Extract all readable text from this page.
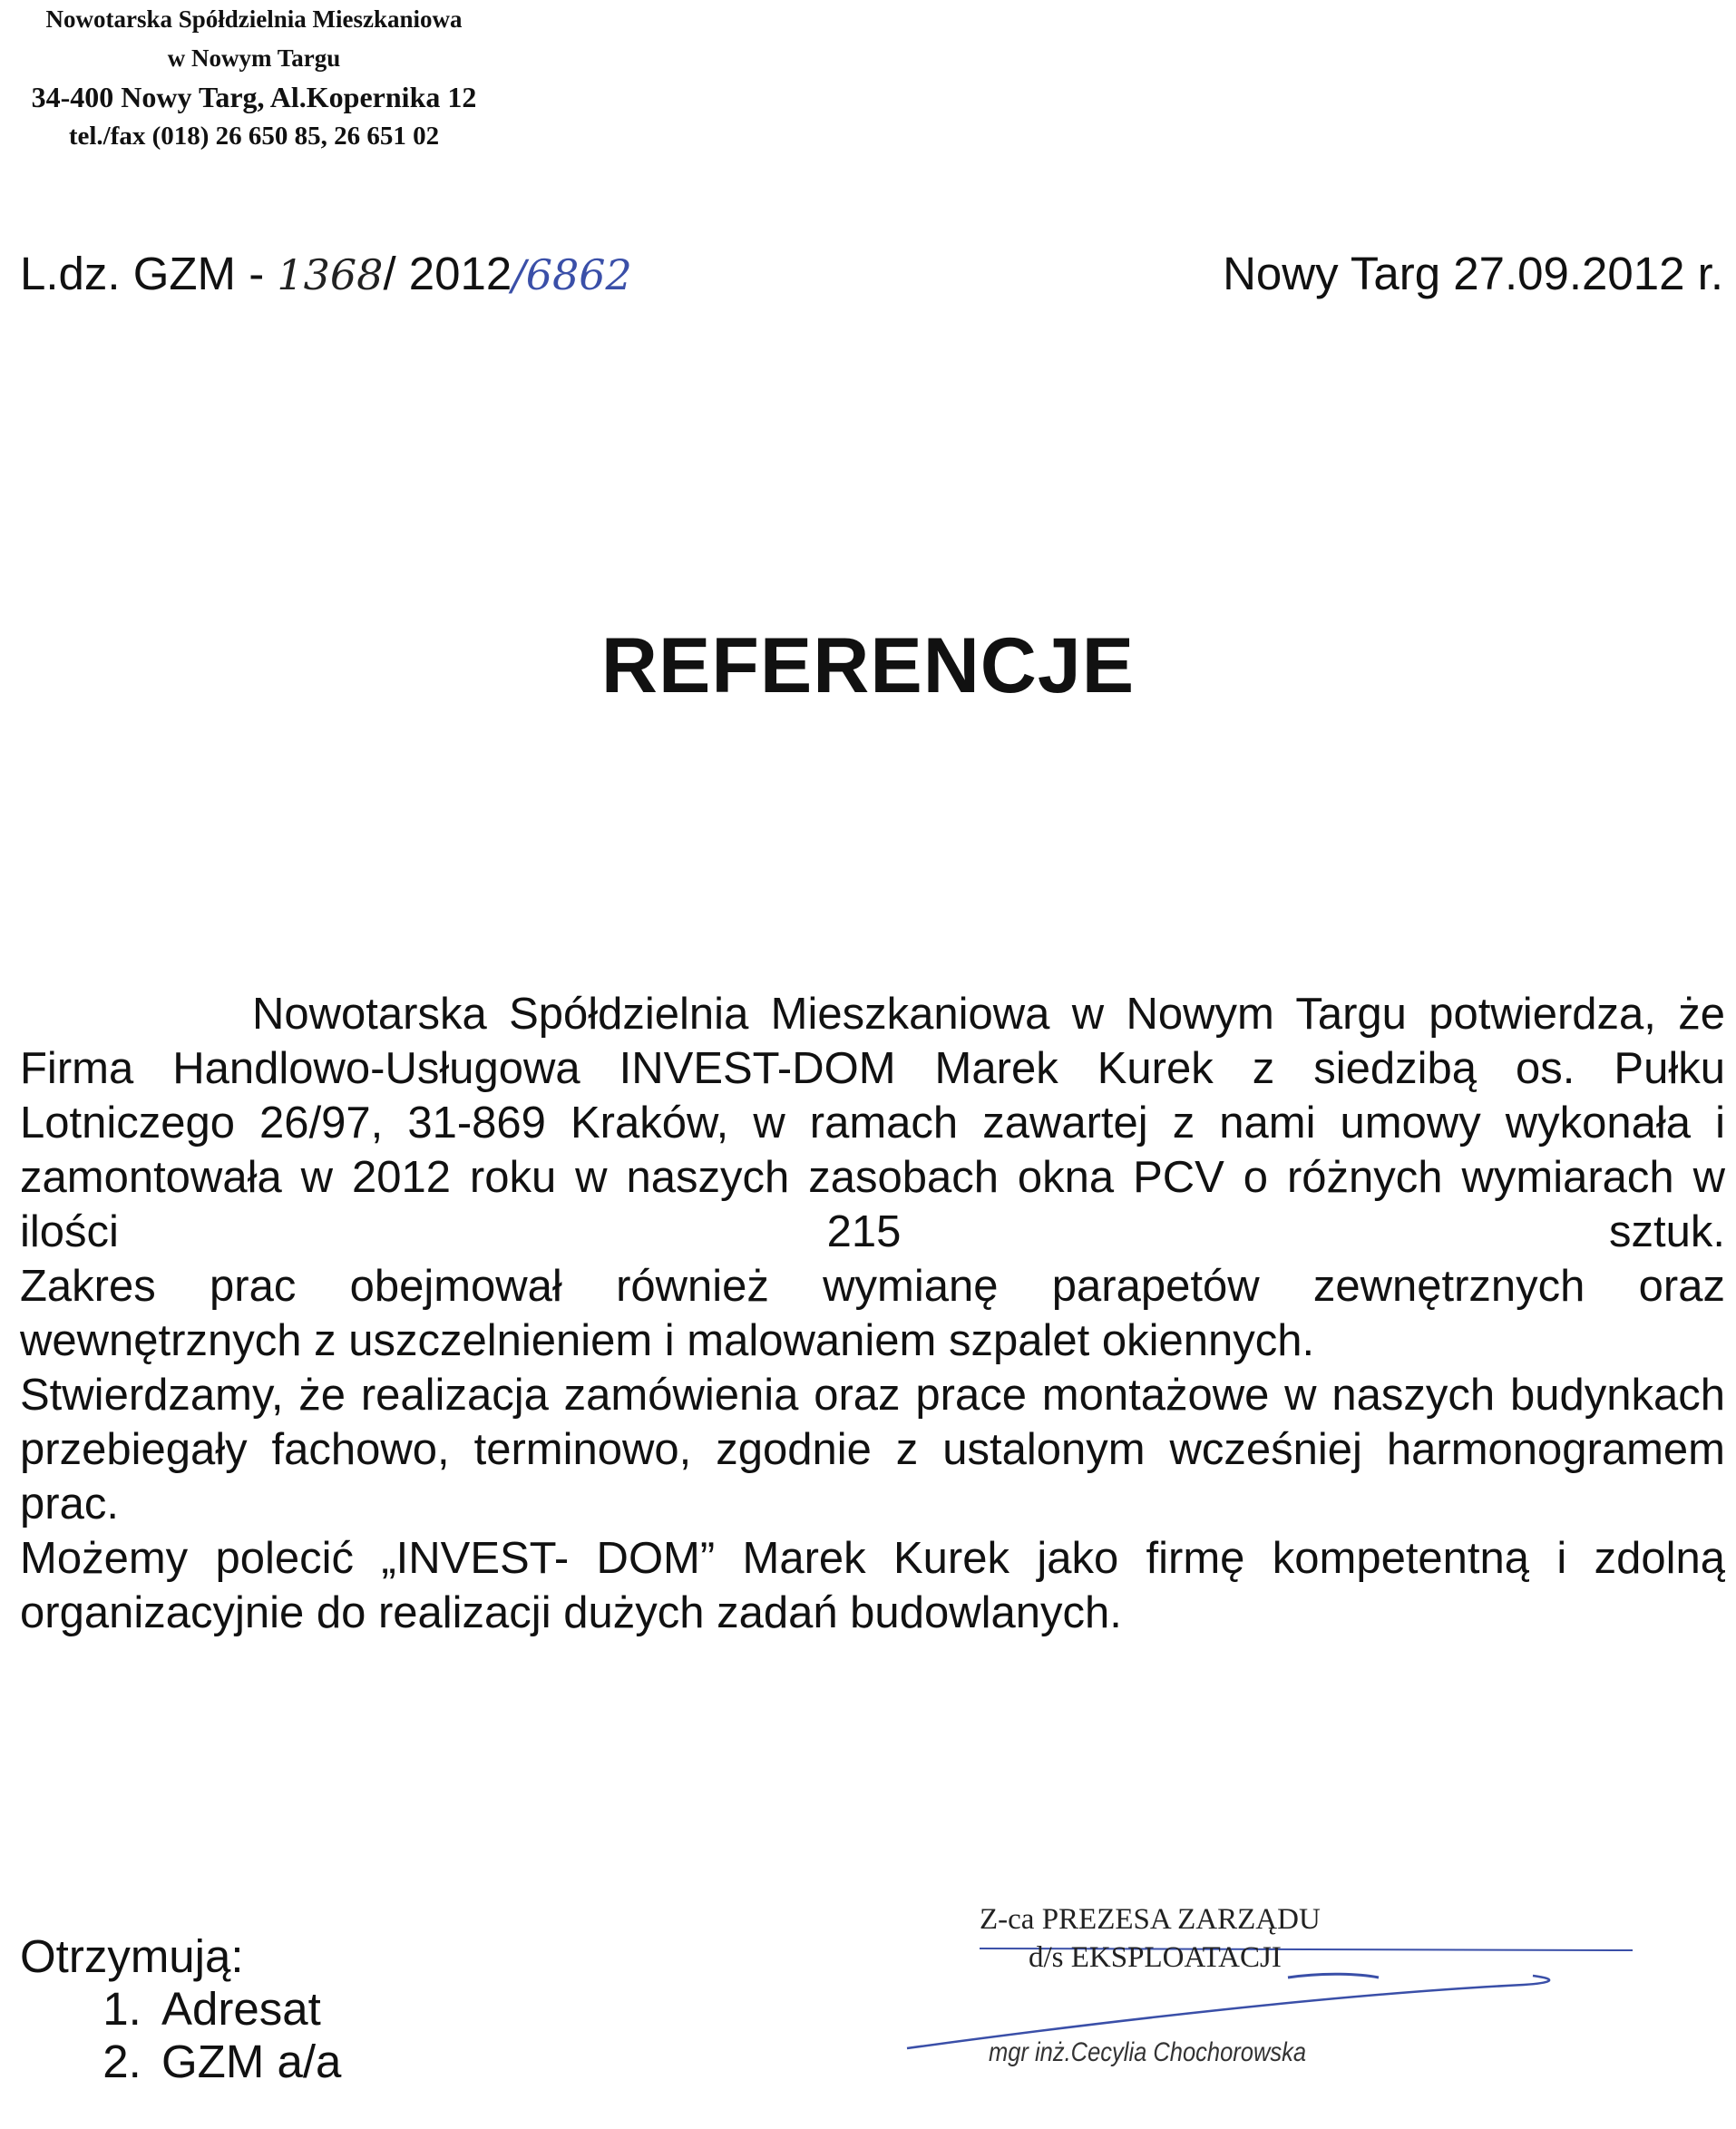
Nowotarska Spółdzielnia Mieszkaniowa
w Nowym Targu
34-400 Nowy Targ, Al.Kopernika 12
tel./fax (018) 26 650 85, 26 651 02
L.dz. GZM - 1368/ 2012/6862	Nowy Targ 27.09.2012 r.
REFERENCJE

Nowotarska Spółdzielnia Mieszkaniowa w Nowym Targu potwierdza, że Firma Handlowo-Usługowa INVEST-DOM Marek Kurek z siedzibą os. Pułku Lotniczego 26/97, 31-869 Kraków, w ramach zawartej z nami umowy wykonała i zamontowała w 2012 roku w naszych zasobach okna PCV o różnych wymiarach w ilości 215 sztuk.

Zakres prac obejmował również wymianę parapetów zewnętrznych oraz wewnętrznych z uszczelnieniem i malowaniem szpalet okiennych.

Stwierdzamy, że realizacja zamówienia oraz prace montażowe w naszych budynkach przebiegały fachowo, terminowo, zgodnie z ustalonym wcześniej harmonogramem prac.

Możemy polecić „INVEST- DOM” Marek Kurek jako firmę kompetentną i zdolną organizacyjnie do realizacji dużych zadań budowlanych.

Z-ca PREZESA ZARZĄDU
d/s EKSPLOATACJI
mgr inż.Cecylia Chochorowska
Otrzymują:
1. Adresat
2. GZM a/a
